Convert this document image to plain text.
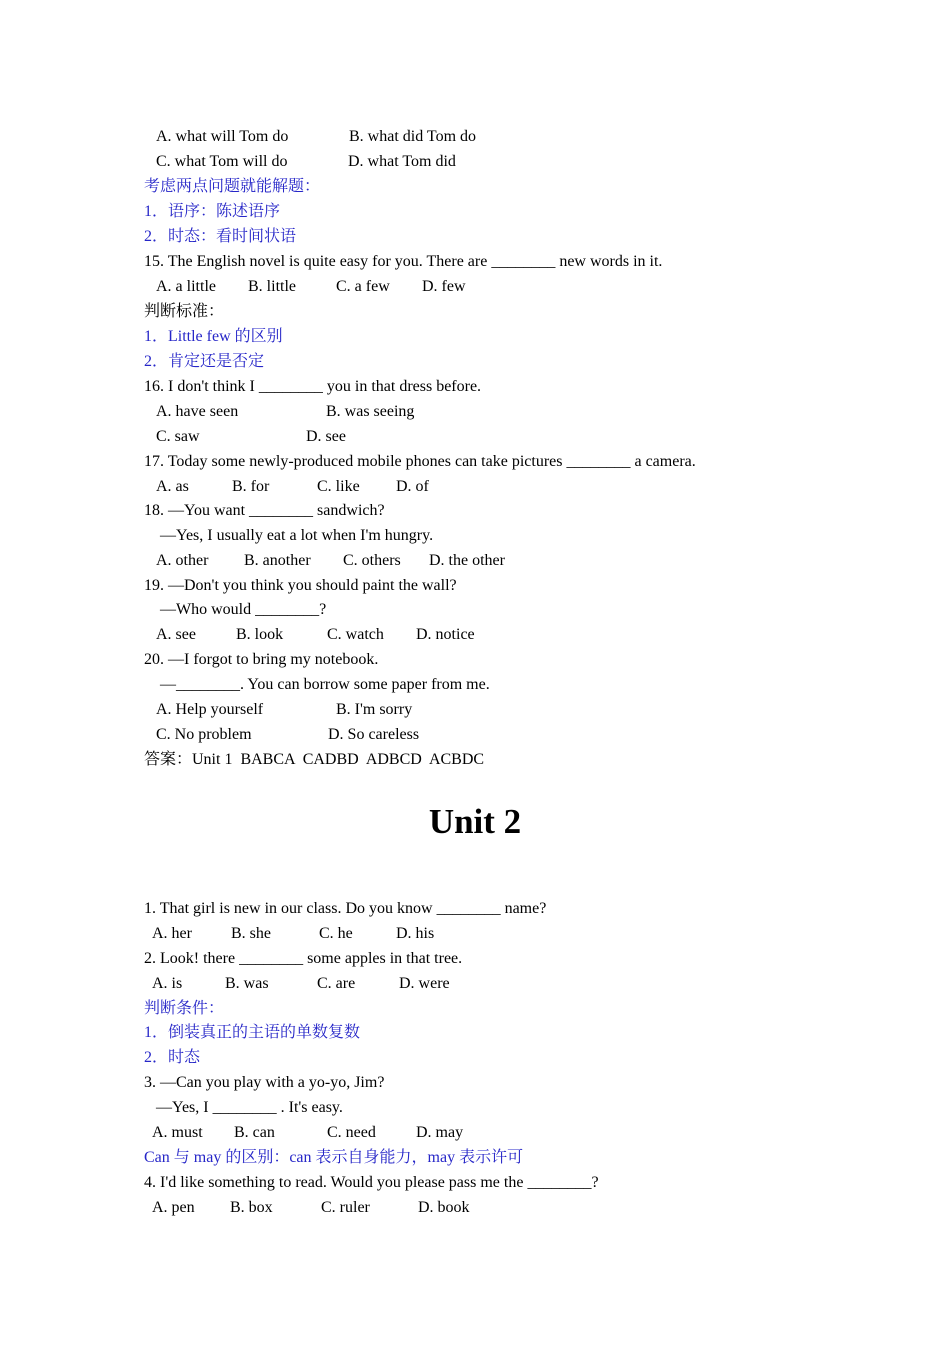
A. what will Tom do

	B. what did Tom do

C. what Tom will do

	D. what Tom did

考虑两点问题就能解题：
1．语序：陈述语序
2．时态：看时间状语
15. The English novel is quite easy for you. There are ________ new words in it.

A. a little

B. little

	C. a few

D. few

判断标准：
1．Little few 的区别
2．肯定还是否定
16. I don't think I ________ you in that dress before.

A. have seen

	B. was seeing

C. saw

	D. see

17. Today some newly-produced mobile phones can take pictures ________ a camera.

A. as

	B. for

	C. like

D. of

18. —You want ________ sandwich?
—Yes, I usually eat a lot when I'm hungry.

A. other

B. another

C. others

D. the other

19. —Don't you think you should paint the wall?
—Who would ________?

A. see

	B. look

	C. watch

D. notice

20. —I forgot to bring my notebook.
—________. You can borrow some paper from me.

A. Help yourself

	B. I'm sorry

C. No problem

	D. So careless

答案：Unit 1  BABCA  CADBD  ADBCD  ACBDC
Unit 2
1. That girl is new in our class. Do you know ________ name?

A. her

B. she

	C. he

	D. his

2. Look! there ________ some apples in that tree.

A. is

	B. was

	C. are

	D. were

判断条件：
1．倒装真正的主语的单数复数
2．时态
3. —Can you play with a yo-yo, Jim?
—Yes, I ________ . It's easy.

A. must

B. can

	C. need

	D. may

Can 与 may 的区别：can 表示自身能力，may 表示许可
4. I'd like something to read. Would you please pass me the ________?

A. pen

B. box

	C. ruler

	D. book
